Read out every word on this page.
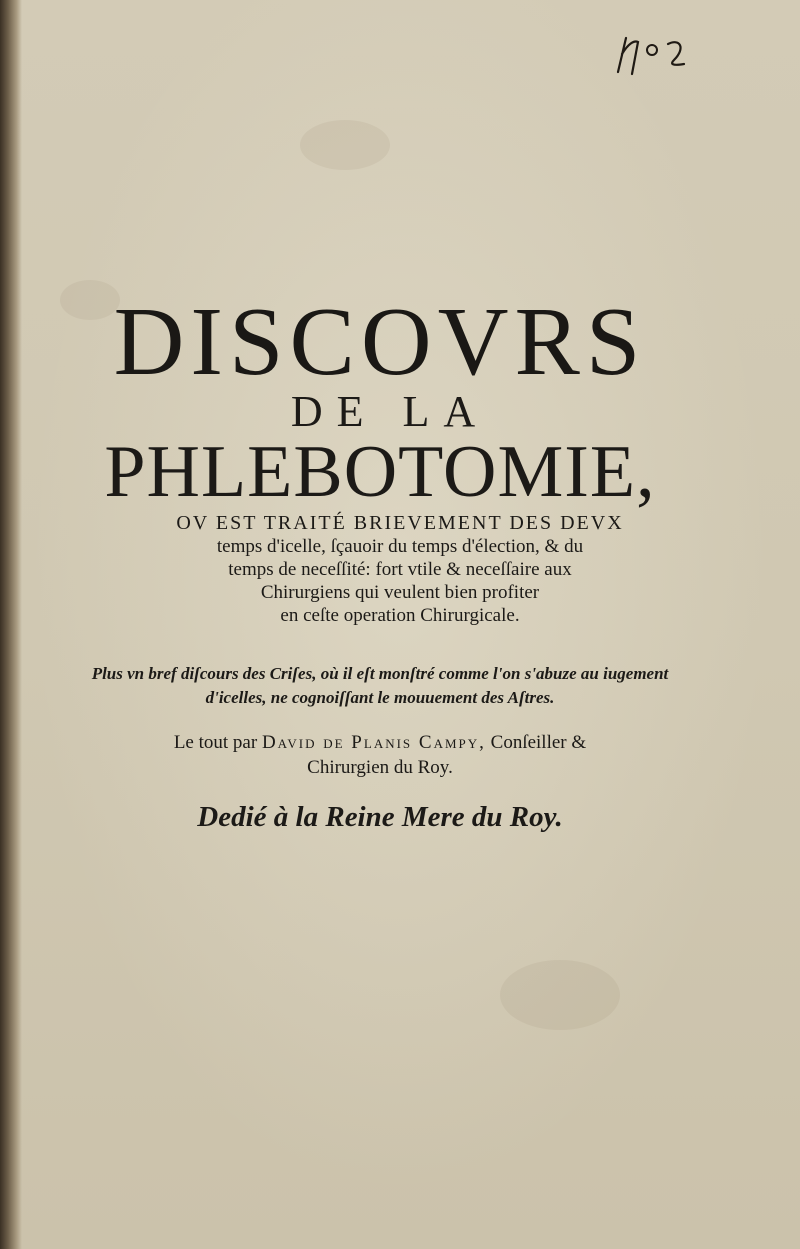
DISCOVRS
DE LA
PHLEBOTOMIE,
OV EST TRAITÉ BRIEVEMENT DES DEVX
temps d'icelle, ſçauoir du temps d'élection, & du
temps de neceſſité: fort vtile & neceſſaire aux
Chirurgiens qui veulent bien profiter
en ceſte operation Chirurgicale.
Plus vn bref diſcours des Criſes, où il eſt monſtré comme l'on s'abuze au iugement
d'icelles, ne cognoiſſant le mouuement des Aſtres.
Le tout par David de Planis Campy, Conſeiller &
Chirurgien du Roy.
Dedié à la Reine Mere du Roy.
